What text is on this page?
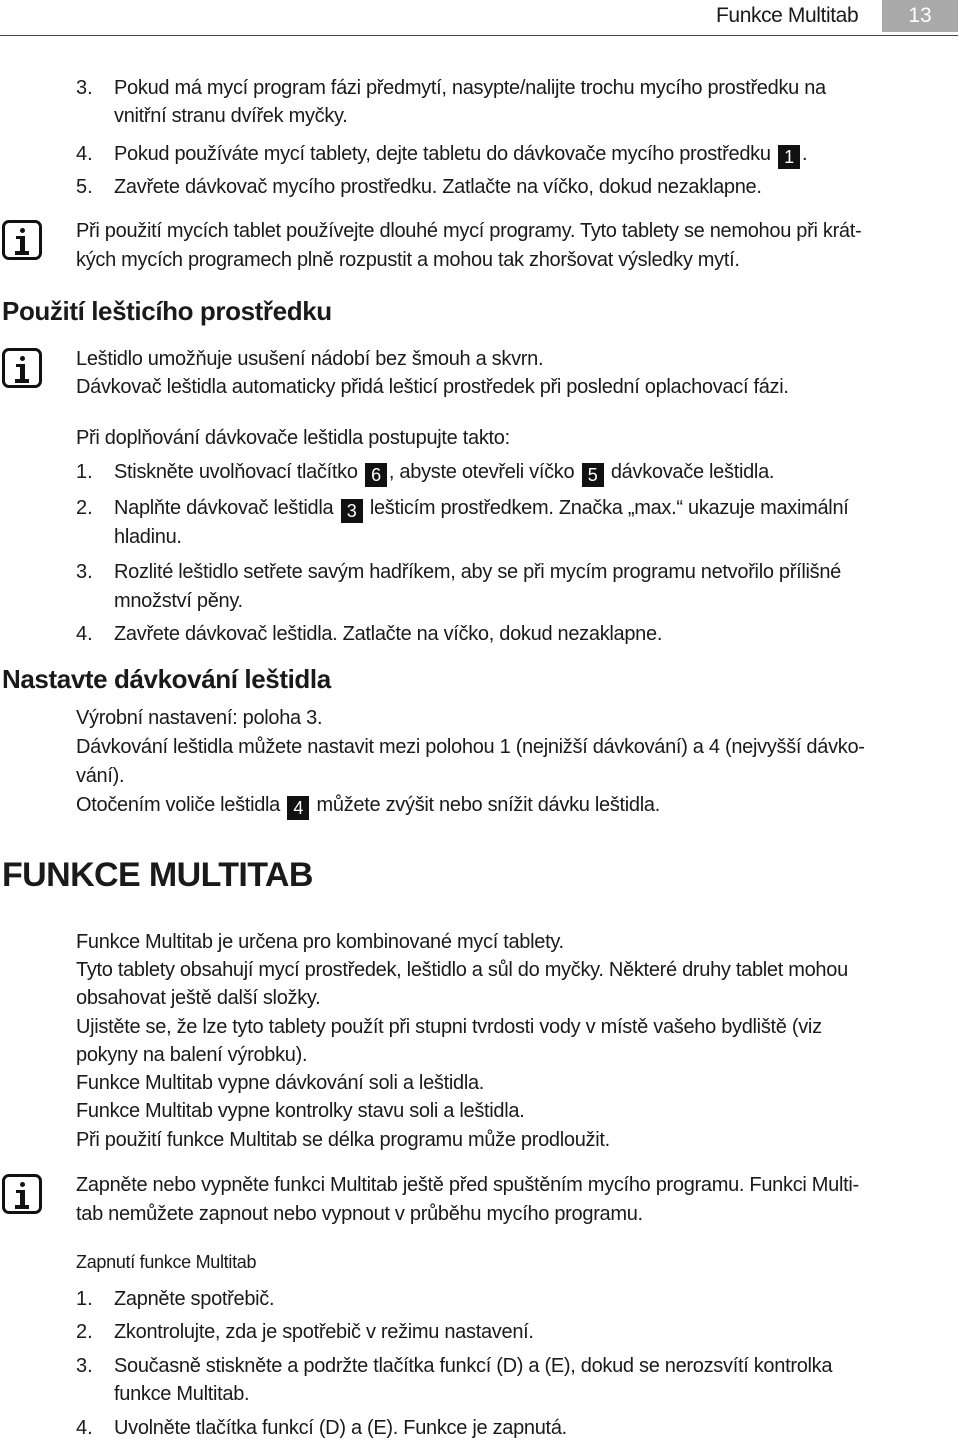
Funkce Multitab	13
3. Pokud má mycí program fázi předmytí, nasypte/nalijte trochu mycího prostředku na
vnitřní stranu dvířek myčky.
4. Pokud používáte mycí tablety, dejte tabletu do dávkovače mycího prostředku 1 .
5. Zavřete dávkovač mycího prostředku. Zatlačte na víčko, dokud nezaklapne.
Při použití mycích tablet používejte dlouhé mycí programy. Tyto tablety se nemohou při krát-
kých mycích programech plně rozpustit a mohou tak zhoršovat výsledky mytí.
Použití lešticího prostředku
Leštidlo umožňuje usušení nádobí bez šmouh a skvrn.
Dávkovač leštidla automaticky přidá lešticí prostředek při poslední oplachovací fázi.
Při doplňování dávkovače leštidla postupujte takto:
1. Stiskněte uvolňovací tlačítko 6 , abyste otevřeli víčko 5 dávkovače leštidla.
2. Naplňte dávkovač leštidla 3 lešticím prostředkem. Značka „max.“ ukazuje maximální
hladinu.
3. Rozlité leštidlo setřete savým hadříkem, aby se při mycím programu netvořilo přílišné
množství pěny.
4. Zavřete dávkovač leštidla. Zatlačte na víčko, dokud nezaklapne.
Nastavte dávkování leštidla
Výrobní nastavení: poloha 3.
Dávkování leštidla můžete nastavit mezi polohou 1 (nejnižší dávkování) a 4 (nejvyšší dávko-
vání).
Otočením voliče leštidla 4 můžete zvýšit nebo snížit dávku leštidla.
FUNKCE MULTITAB
Funkce Multitab je určena pro kombinované mycí tablety.
Tyto tablety obsahují mycí prostředek, leštidlo a sůl do myčky. Některé druhy tablet mohou
obsahovat ještě další složky.
Ujistěte se, že lze tyto tablety použít při stupni tvrdosti vody v místě vašeho bydliště (viz
pokyny na balení výrobku).
Funkce Multitab vypne dávkování soli a leštidla.
Funkce Multitab vypne kontrolky stavu soli a leštidla.
Při použití funkce Multitab se délka programu může prodloužit.
Zapněte nebo vypněte funkci Multitab ještě před spuštěním mycího programu. Funkci Multi-
tab nemůžete zapnout nebo vypnout v průběhu mycího programu.
Zapnutí funkce Multitab
1. Zapněte spotřebič.
2. Zkontrolujte, zda je spotřebič v režimu nastavení.
3. Současně stiskněte a podržte tlačítka funkcí (D) a (E), dokud se nerozsvítí kontrolka
funkce Multitab.
4. Uvolněte tlačítka funkcí (D) a (E). Funkce je zapnutá.
